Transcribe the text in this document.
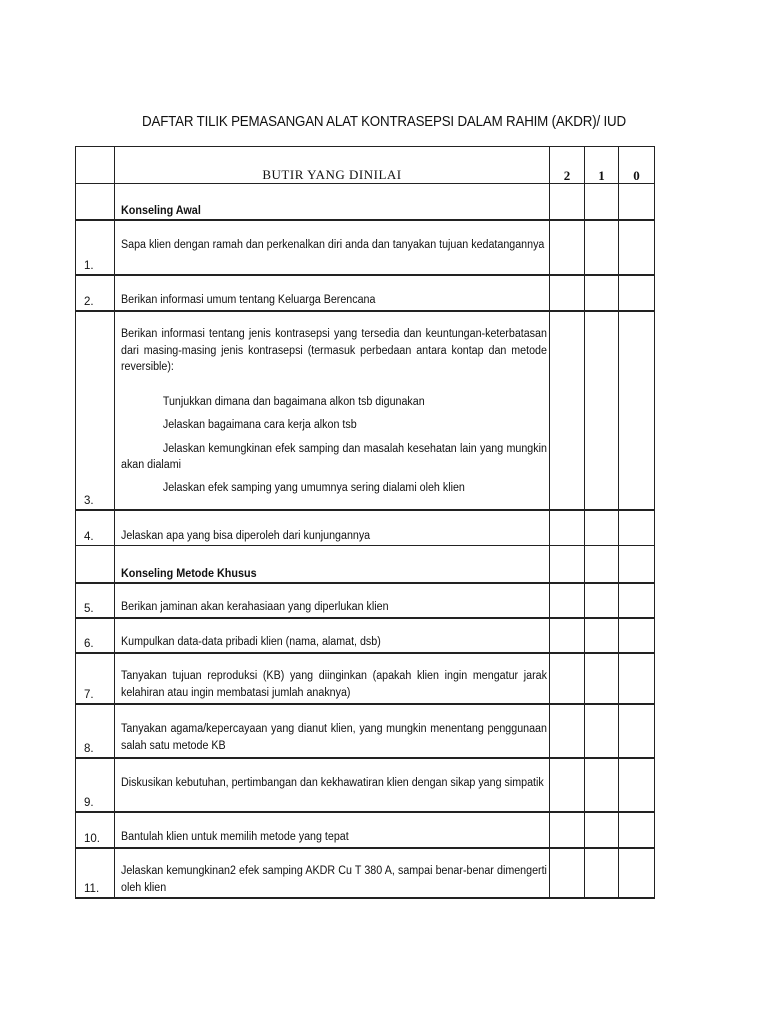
DAFTAR TILIK PEMASANGAN ALAT KONTRASEPSI DALAM RAHIM (AKDR)/ IUD
BUTIR YANG DINILAI	2	1	0
Konseling Awal
1.
Sapa klien dengan ramah dan perkenalkan diri anda dan tanyakan tujuan kedatangannya
2. Berikan informasi umum tentang Keluarga Berencana
3.
Berikan informasi tentang jenis kontrasepsi yang tersedia dan keuntungan-keterbatasan dari masing-masing jenis kontrasepsi (termasuk perbedaan antara kontap dan metode reversible):
Tunjukkan dimana dan bagaimana alkon tsb digunakan
Jelaskan bagaimana cara kerja alkon tsb
Jelaskan kemungkinan efek samping dan masalah kesehatan lain yang mungkin akan dialami
Jelaskan efek samping yang umumnya sering dialami oleh klien
4. Jelaskan apa yang bisa diperoleh dari kunjungannya
Konseling Metode Khusus
5. Berikan jaminan akan kerahasiaan yang diperlukan klien
6. Kumpulkan data-data pribadi klien (nama, alamat, dsb)
7.
Tanyakan tujuan reproduksi (KB) yang diinginkan (apakah klien ingin mengatur jarak kelahiran atau ingin membatasi jumlah anaknya)
8.
Tanyakan agama/kepercayaan yang dianut klien, yang mungkin menentang penggunaan salah satu metode KB
9.
Diskusikan kebutuhan, pertimbangan dan kekhawatiran klien dengan sikap yang simpatik
10. Bantulah klien untuk memilih metode yang tepat
11.
Jelaskan kemungkinan2 efek samping AKDR Cu T 380 A, sampai benar-benar dimengerti oleh klien
